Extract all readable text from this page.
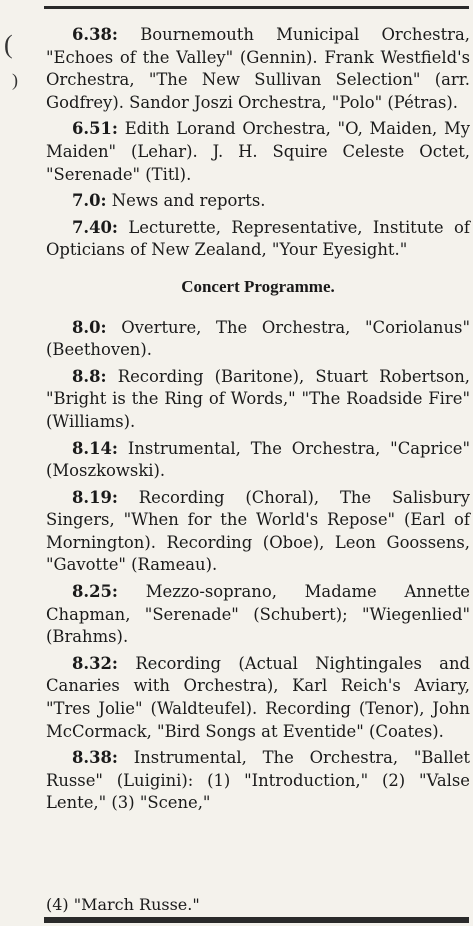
(
)

6.38: Bournemouth Municipal Orchestra, "Echoes of the Valley" (Gennin). Frank Westfield's Orchestra, "The New Sullivan Selection" (arr. Godfrey). Sandor Joszi Orchestra, "Polo" (Pétras).

6.51: Edith Lorand Orchestra, "O, Maiden, My Maiden" (Lehar). J. H. Squire Celeste Octet, "Serenade" (Titl).

7.0: News and reports.

7.40: Lecturette, Representative, Institute of Opticians of New Zealand, "Your Eyesight."

Concert Programme.

8.0: Overture, The Orchestra, "Coriolanus" (Beethoven).

8.8: Recording (Baritone), Stuart Robertson, "Bright is the Ring of Words," "The Roadside Fire" (Williams).

8.14: Instrumental, The Orchestra, "Caprice" (Moszkowski).

8.19: Recording (Choral), The Salisbury Singers, "When for the World's Repose" (Earl of Mornington). Recording (Oboe), Leon Goossens, "Gavotte" (Rameau).

8.25: Mezzo-soprano, Madame Annette Chapman, "Serenade" (Schubert); "Wiegenlied" (Brahms).

8.32: Recording (Actual Nightingales and Canaries with Orchestra), Karl Reich's Aviary, "Tres Jolie" (Waldteufel). Recording (Tenor), John McCormack, "Bird Songs at Eventide" (Coates).

8.38: Instrumental, The Orchestra, "Ballet Russe" (Luigini): (1) "Introduction," (2) "Valse Lente," (3) "Scene,"

(4) "March Russe."
